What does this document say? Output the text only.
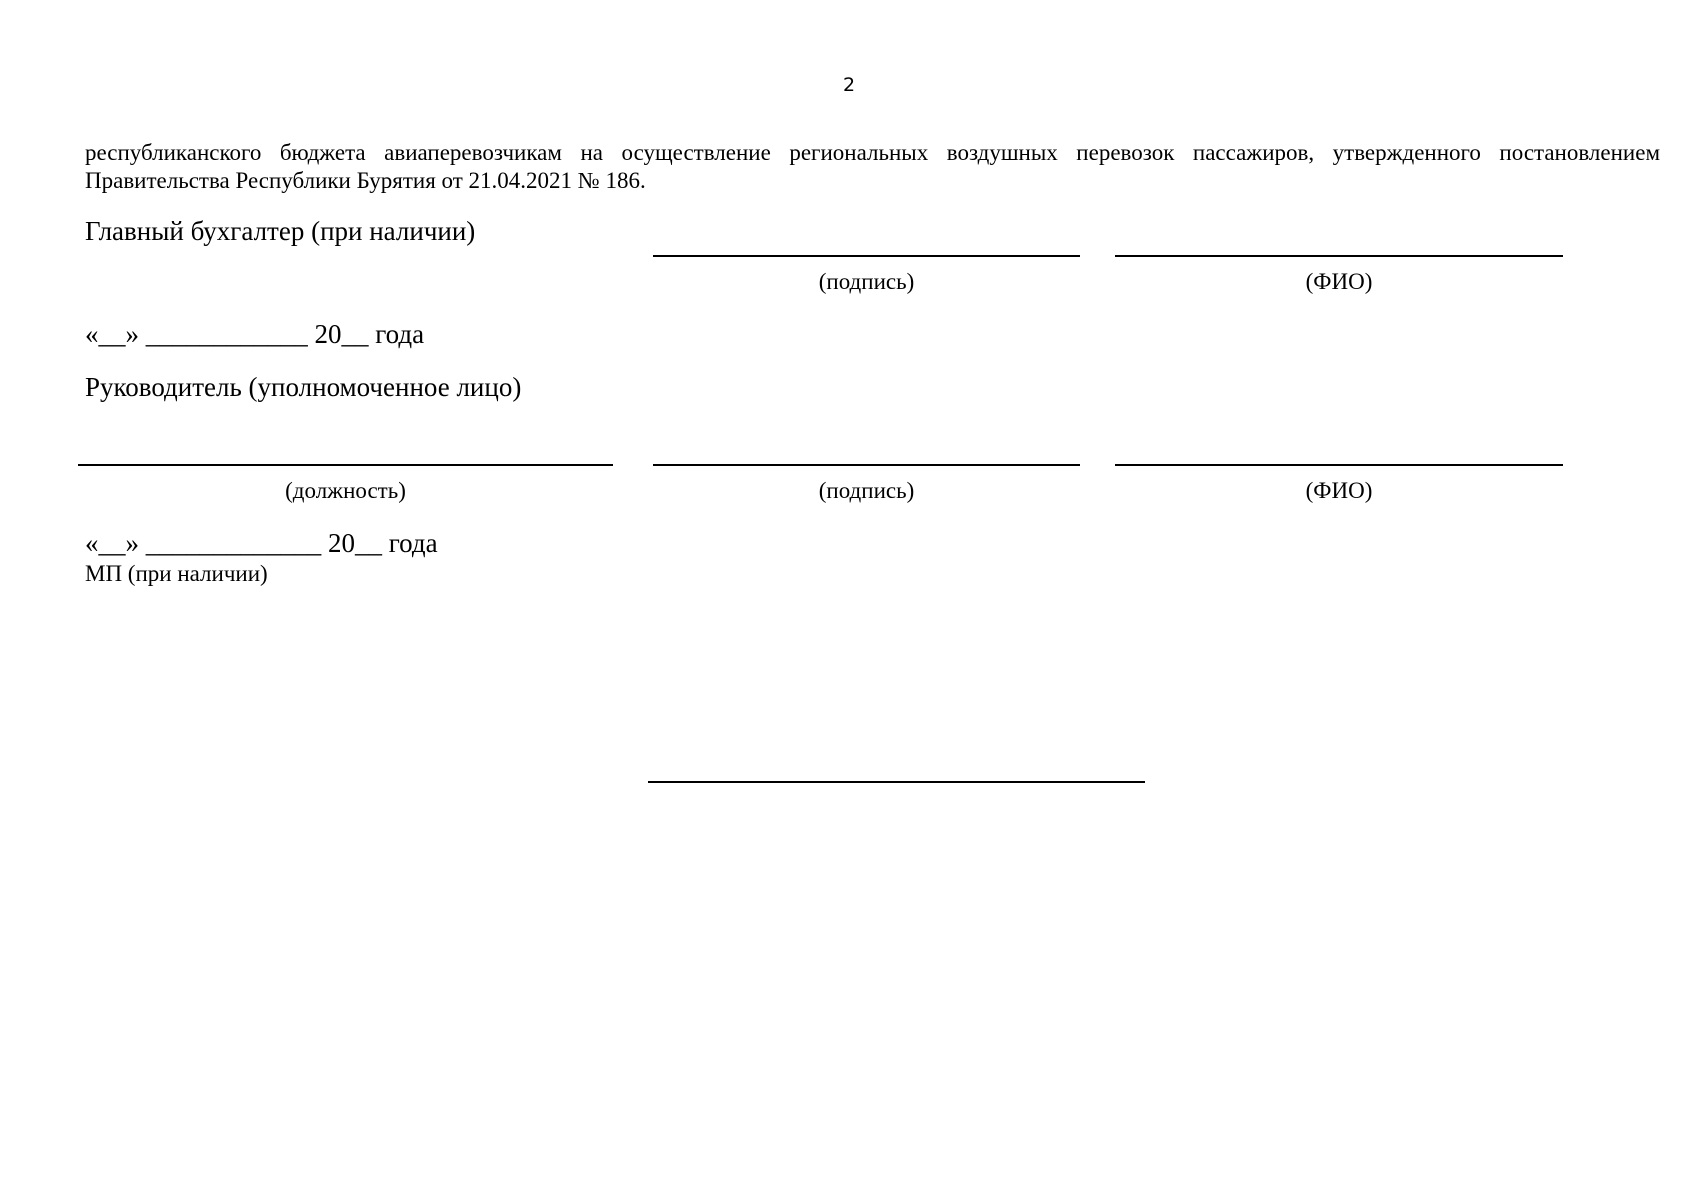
2
республиканского бюджета авиаперевозчикам на осуществление региональных воздушных перевозок пассажиров, утвержденного постановлением
Правительства Республики Бурятия от 21.04.2021 № 186.
Главный бухгалтер (при наличии)
(подпись)	(ФИО)
«__» ____________ 20__ года
Руководитель (уполномоченное лицо)
(должность)	(подпись)	(ФИО)
«__» _____________ 20__ года
МП (при наличии)
